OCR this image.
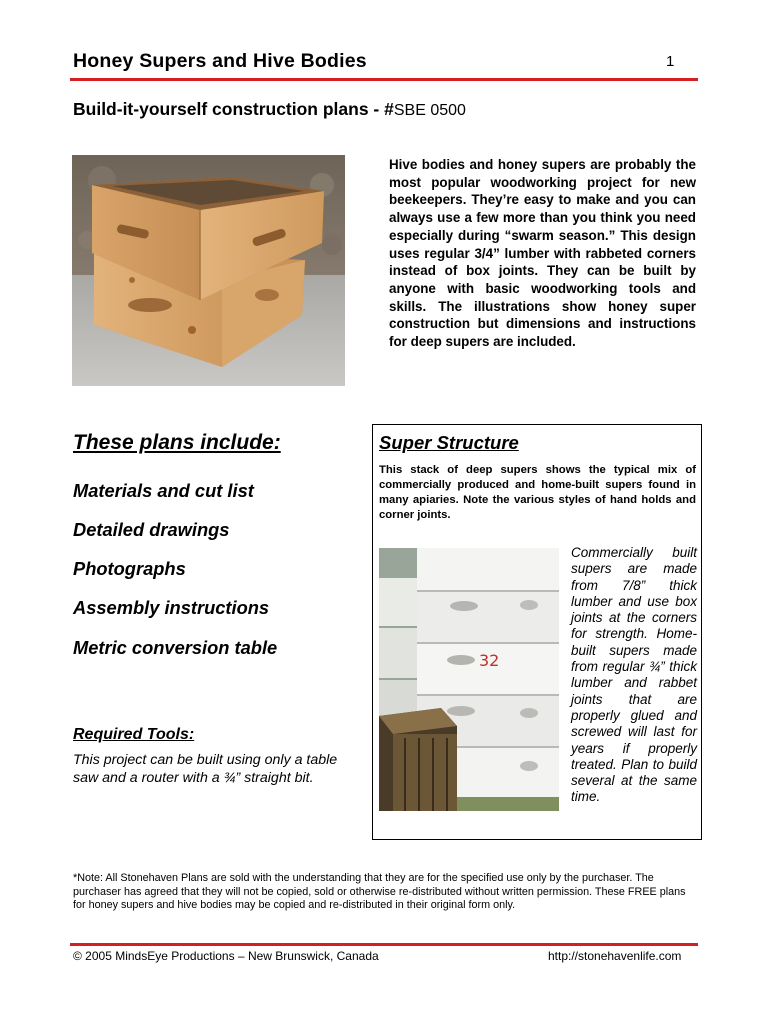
Honey Supers and Hive Bodies	1
Build-it-yourself construction plans - #SBE 0500
Hive bodies and honey supers are probably the most popular woodworking project for new beekeepers. They’re easy to make and you can always use a few more than you think you need especially during “swarm season.” This design uses regular 3/4” lumber with rabbeted corners instead of box joints. They can be built by anyone with basic woodworking tools and skills. The illustrations show honey super construction but dimensions and instructions for deep supers are included.
These plans include:
Materials and cut list
Detailed drawings
Photographs
Assembly instructions
Metric conversion table
Required Tools:
This project can be built using only a table saw and a router with a ¾” straight bit.
Super Structure
This stack of deep supers shows the typical mix of commercially produced and home-built supers found in many apiaries. Note the various styles of hand holds and corner joints.
32
Commercially built supers are made from 7/8” thick lumber and use box joints at the corners for strength. Home-built supers made from regular ¾” thick lumber and rabbet joints that are properly glued and screwed will last for years if properly treated. Plan to build several at the same time.
*Note: All Stonehaven Plans are sold with the understanding that they are for the specified use only by the purchaser. The purchaser has agreed that they will not be copied, sold or otherwise re-distributed without written permission. These FREE plans for honey supers and hive bodies may be copied and re-distributed in their original form only.
© 2005 MindsEye Productions – New Brunswick, Canada	http://stonehavenlife.com
